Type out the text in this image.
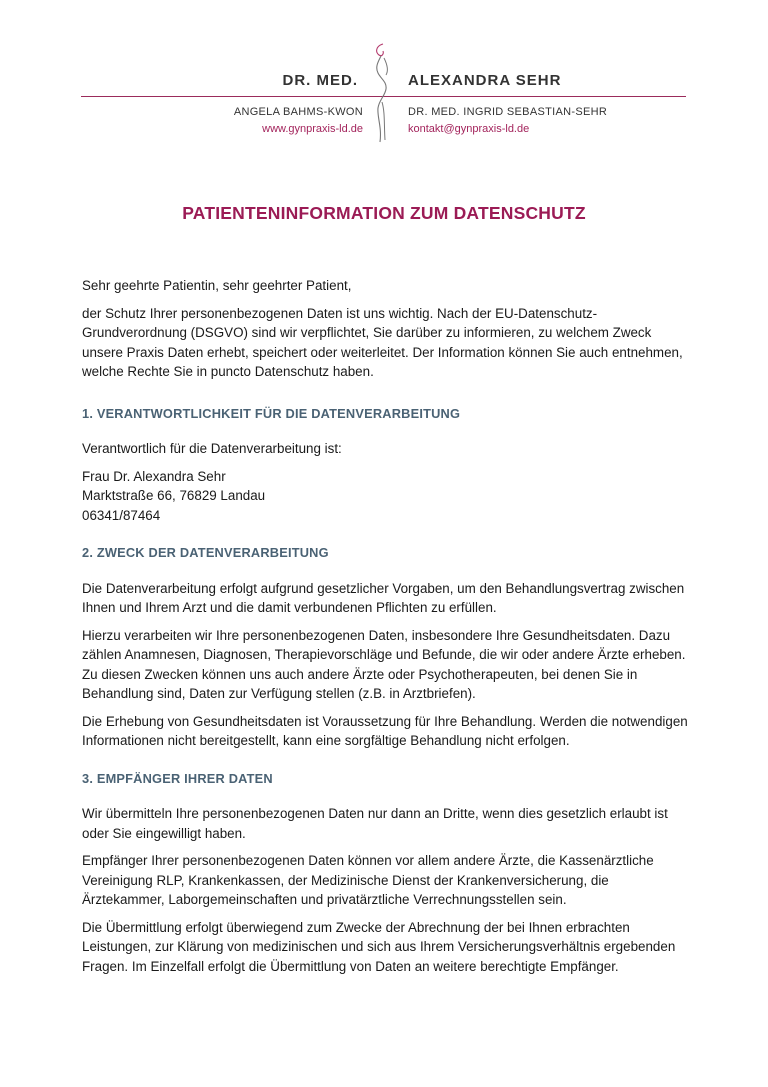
DR. MED.	ALEXANDRA SEHR
ANGELA BAHMS-KWON
www.gynpraxis-ld.de
DR. MED. INGRID SEBASTIAN-SEHR
kontakt@gynpraxis-ld.de
PATIENTENINFORMATION ZUM DATENSCHUTZ

Sehr geehrte Patientin, sehr geehrter Patient,

der Schutz Ihrer personenbezogenen Daten ist uns wichtig. Nach der EU-Datenschutz-Grundverordnung (DSGVO) sind wir verpflichtet, Sie darüber zu informieren, zu welchem Zweck unsere Praxis Daten erhebt, speichert oder weiterleitet. Der Information können Sie auch entnehmen, welche Rechte Sie in puncto Datenschutz haben.

1. VERANTWORTLICHKEIT FÜR DIE DATENVERARBEITUNG

Verantwortlich für die Datenverarbeitung ist:

Frau Dr. Alexandra Sehr
Marktstraße 66, 76829 Landau
06341/87464
2. ZWECK DER DATENVERARBEITUNG

Die Datenverarbeitung erfolgt aufgrund gesetzlicher Vorgaben, um den Behandlungsvertrag zwischen Ihnen und Ihrem Arzt und die damit verbundenen Pflichten zu erfüllen.

Hierzu verarbeiten wir Ihre personenbezogenen Daten, insbesondere Ihre Gesundheitsdaten. Dazu zählen Anamnesen, Diagnosen, Therapievorschläge und Befunde, die wir oder andere Ärzte erheben. Zu diesen Zwecken können uns auch andere Ärzte oder Psychotherapeuten, bei denen Sie in Behandlung sind, Daten zur Verfügung stellen (z.B. in Arztbriefen).

Die Erhebung von Gesundheitsdaten ist Voraussetzung für Ihre Behandlung. Werden die notwendigen Informationen nicht bereitgestellt, kann eine sorgfältige Behandlung nicht erfolgen.

3. EMPFÄNGER IHRER DATEN

Wir übermitteln Ihre personenbezogenen Daten nur dann an Dritte, wenn dies gesetzlich erlaubt ist oder Sie eingewilligt haben.

Empfänger Ihrer personenbezogenen Daten können vor allem andere Ärzte, die Kassenärztliche Vereinigung RLP, Krankenkassen, der Medizinische Dienst der Krankenversicherung, die Ärztekammer, Laborgemeinschaften und privatärztliche Verrechnungsstellen sein.

Die Übermittlung erfolgt überwiegend zum Zwecke der Abrechnung der bei Ihnen erbrachten Leistungen, zur Klärung von medizinischen und sich aus Ihrem Versicherungsverhältnis ergebenden Fragen. Im Einzelfall erfolgt die Übermittlung von Daten an weitere berechtigte Empfänger.
